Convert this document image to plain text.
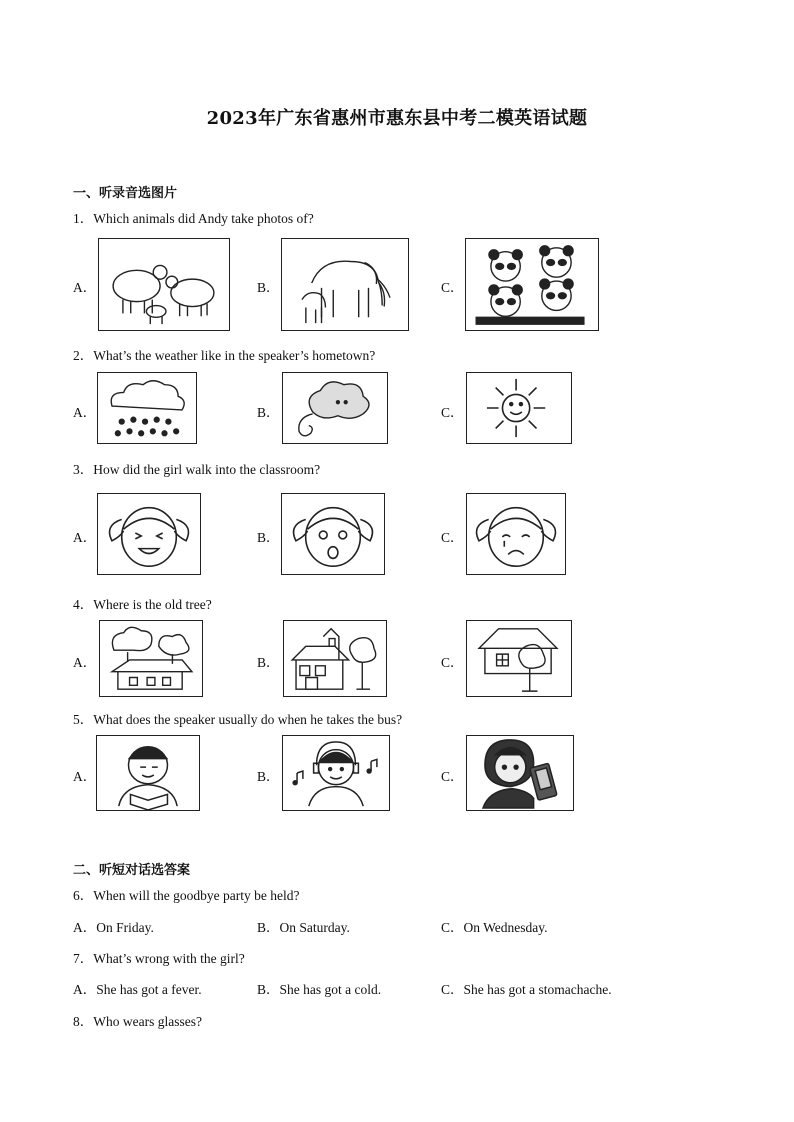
2023年广东省惠州市惠东县中考二模英语试题
一、听录音选图片
1．Which animals did Andy take photos of?
A．	B．	C．
2．What’s the weather like in the speaker’s hometown?
A．	B．	C．
3．How did the girl walk into the classroom?
A．	B．	C．
4．Where is the old tree?
A．	B．	C．
5．What does the speaker usually do when he takes the bus?
A．	B．	C．
二、听短对话选答案
6．When will the goodbye party be held?
A．On Friday.	B．On Saturday.	C．On Wednesday.
7．What’s wrong with the girl?
A．She has got a fever.	B．She has got a cold.	C．She has got a stomachache.
8．Who wears glasses?
